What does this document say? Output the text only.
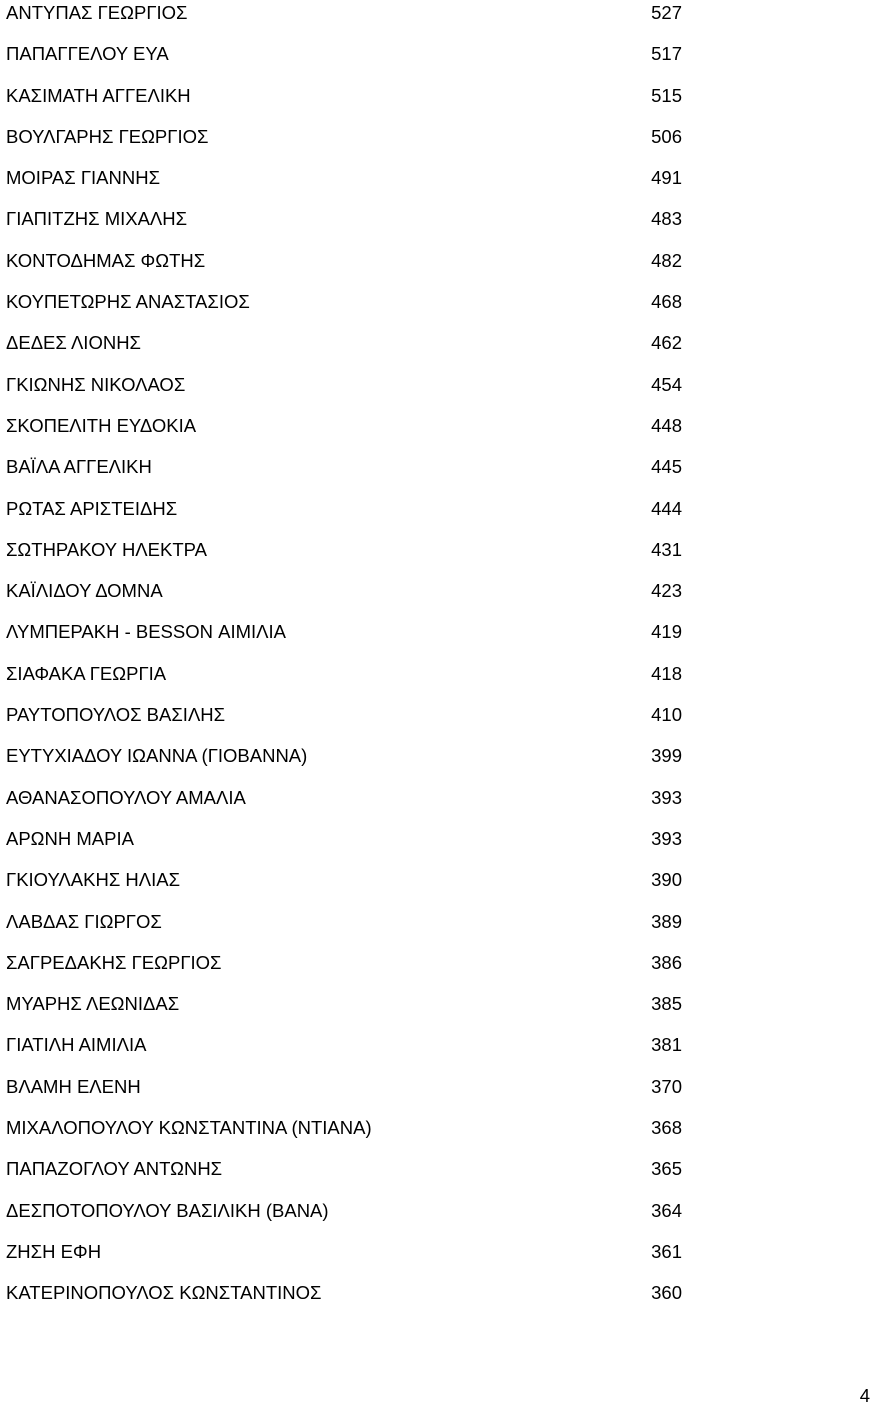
ΑΝΤΥΠΑΣ ΓΕΩΡΓΙΟΣ	527
ΠΑΠΑΓΓΕΛΟΥ ΕΥΑ	517
ΚΑΣΙΜΑΤΗ ΑΓΓΕΛΙΚΗ	515
ΒΟΥΛΓΑΡΗΣ ΓΕΩΡΓΙΟΣ	506
ΜΟΙΡΑΣ ΓΙΑΝΝΗΣ	491
ΓΙΑΠΙΤΖΗΣ ΜΙΧΑΛΗΣ	483
ΚΟΝΤΟΔΗΜΑΣ ΦΩΤΗΣ	482
ΚΟΥΠΕΤΩΡΗΣ ΑΝΑΣΤΑΣΙΟΣ	468
ΔΕΔΕΣ ΛΙΟΝΗΣ	462
ΓΚΙΩΝΗΣ ΝΙΚΟΛΑΟΣ	454
ΣΚΟΠΕΛΙΤΗ ΕΥΔΟΚΙΑ	448
ΒΑΪΛΑ ΑΓΓΕΛΙΚΗ	445
ΡΩΤΑΣ ΑΡΙΣΤΕΙΔΗΣ	444
ΣΩΤΗΡΑΚΟΥ ΗΛΕΚΤΡΑ	431
ΚΑΪΛΙΔΟΥ ΔΟΜΝΑ	423
ΛΥΜΠΕΡΑΚΗ - BESSON ΑΙΜΙΛΙΑ	419
ΣΙΑΦΑΚΑ ΓΕΩΡΓΙΑ	418
ΡΑΥΤΟΠΟΥΛΟΣ ΒΑΣΙΛΗΣ	410
ΕΥΤΥΧΙΑΔΟΥ ΙΩΑΝΝΑ (ΓΙΟΒΑΝΝΑ)	399
ΑΘΑΝΑΣΟΠΟΥΛΟΥ ΑΜΑΛΙΑ	393
ΑΡΩΝΗ ΜΑΡΙΑ	393
ΓΚΙΟΥΛΑΚΗΣ ΗΛΙΑΣ	390
ΛΑΒΔΑΣ ΓΙΩΡΓΟΣ	389
ΣΑΓΡΕΔΑΚΗΣ ΓΕΩΡΓΙΟΣ	386
ΜΥΑΡΗΣ ΛΕΩΝΙΔΑΣ	385
ΓΙΑΤΙΛΗ ΑΙΜΙΛΙΑ	381
ΒΛΑΜΗ ΕΛΕΝΗ	370
ΜΙΧΑΛΟΠΟΥΛΟΥ ΚΩΝΣΤΑΝΤΙΝΑ (ΝΤΙΑΝΑ)	368
ΠΑΠΑΖΟΓΛΟΥ ΑΝΤΩΝΗΣ	365
ΔΕΣΠΟΤΟΠΟΥΛΟΥ ΒΑΣΙΛΙΚΗ (ΒΑΝΑ)	364
ΖΗΣΗ ΕΦΗ	361
ΚΑΤΕΡΙΝΟΠΟΥΛΟΣ ΚΩΝΣΤΑΝΤΙΝΟΣ	360
4
